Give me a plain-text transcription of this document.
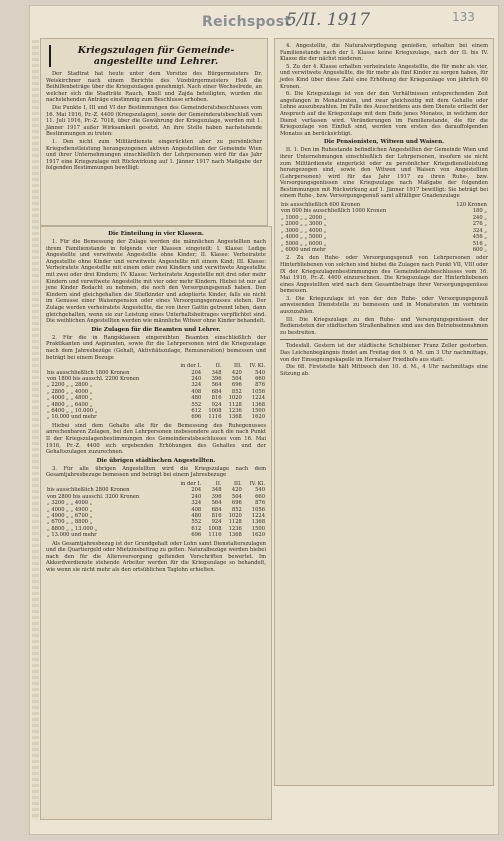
Reichspost
5/II. 1917	133
Kriegszulagen für Gemeinde-angestellte und Lehrer.

Der Stadtrat hat heute unter dem Vorsitze des Bürgermeisters Dr. Weiskirchner nach einem Berichte des Vizebürgermeisters Hoß die Beihilfenbeträge über die Kriegszulagen genehmigt. Nach einer Wechselrede, an welcher sich die Stadträte Rauch, Knoll und Zajda beteiligten, wurden die nachstehenden Anträge einstimmig zum Beschlusse erhoben.

Die Punkte I, III und VI der Bestimmungen des Gemeinderatsbeschlusses vom 16. Mai 1916, Pr.-Z. 4400 (Kriegszulagen), sowie der Gemeinderatsbeschluß vom 11. Juli 1916, Pr.-Z. 7018, über die Gewährung der Kriegszulage, werden mit 1. Jänner 1917 außer Wirksamkeit gesetzt. An ihre Stelle haben nachstehende Bestimmungen zu treten:

1. Den nicht zum Militärdienste eingerückten aber zu persönlicher Kriegsdienstleistung herangezogenen aktiven Angestellten der Gemeinde Wien und ihrer Unternehmungen einschließlich der Lehrpersonen wird für das Jahr 1917 eine Kriegszulage mit Rückwirkung auf 1. Jänner 1917 nach Maßgabe der folgenden Bestimmungen bewilligt:

Die Einteilung in vier Klassen.

1. Für die Bemessung der Zulage werden die männlichen Angestellten nach ihrem Familienstande in folgende vier Klassen eingeteilt: I. Klasse: Ledige Angestellte und verwitwete Angestellte ohne Kinder; II. Klasse: Verheiratete Angestellte ohne Kinder und verwitwete Angestellte mit einem Kind; III. Klasse: Verheiratete Angestellte mit einem oder zwei Kindern und verwitwete Angestellte mit zwei oder drei Kindern; IV. Klasse: Verheiratete Angestellte mit drei oder mehr Kindern und verwitwete Angestellte mit vier oder mehr Kindern. Hiebei ist nur auf jene Kinder Bedacht zu nehmen, die noch den Versorgungsgenuß haben. Den Kindern sind gleichgehalten die Stiefkinder und adoptierte Kinder, falls sie nicht im Genusse einer Waisenpension oder eines Versorgungsgenusses stehen. Der Zulage werden verheiratete Angestellte, die von ihrer Gattin getrennt leben, dann gleichgehalten, wenn sie zur Leistung eines Unterhaltsbeitrages verpflichtet sind. Die weiblichen Angestellten werden wie männliche Witwer ohne Kinder behandelt.

Die Zulagen für die Beamten und Lehrer.

2. Für die in Rangsklassen eingereihten Beamten einschließlich der Praktikanten und Aspiranten, sowie für die Lehrpersonen wird die Kriegszulage nach dem Jahresbezüge (Gehalt, Aktivitätszulage, Remuneration) bemessen und beträgt bei einem Bezuge

	in der I.	II.	III.	IV. Kl.
bis ausschließlich 1800 Kronen	204	348	420	540
von 1800 bis ausschl. 2200 Kronen	240	396	504	660
„ 2200 „ „ 2800 „	324	564	696	876
„ 2800 „ „ 4000 „	408	684	852	1056
„ 4000 „ „ 4800 „	480	816	1020	1224
„ 4800 „ „ 6400 „	552	924	1128	1368
„ 6400 „ „ 10.000 „	612	1008	1236	1500
„ 10.000 und mehr	696	1116	1368	1620

Hiebei sind dem Gehalte alle für die Bemessung des Ruhegenusses anrechenbaren Zulagen, bei den Lehrpersonen insbesondere auch die nach Punkt II der Kriegszulagenbestimmungen des Gemeinderatsbeschlusses vom 16. Mai 1916, Pr.-Z. 4400 sich ergebenden Erhöhungen des Gehaltes und der Gehaltszulagen zuzurechnen.

Die übrigen städtischen Angestellten.

3. Für alle übrigen Angestellten wird die Kriegszulage nach dem Gesamtjahresbezuge bemessen und beträgt bei einem Jahresbezuge

	in der I.	II.	III.	IV. Kl.
bis ausschließlich 2800 Kronen	204	348	420	540
von 2800 bis ausschl. 3200 Kronen	240	396	504	660
„ 3200 „ „ 4000 „	324	564	696	876
„ 4000 „ „ 4900 „	408	684	852	1056
„ 4900 „ „ 6700 „	480	816	1020	1224
„ 6700 „ „ 8800 „	552	924	1128	1368
„ 8800 „ „ 13.000 „	612	1008	1236	1500
„ 13.000 und mehr	696	1116	1368	1620

Als Gesamtjahresbezug ist der Grundgehalt oder Lohn samt Dienstalterszulagen und die Quartiergeld oder Mietzinsbeitrag zu gelten. Naturalbezüge werden hiebei nach den für die Altersversorgung geltenden Vorschriften bewertet. Im Akkordverdienste stehende Arbeiter werden für die Kriegszulage so behandelt, wie wenn sie nicht mehr als den ortsüblichen Taglohn erhielten.

4. Angestellte, die Naturalverpflegung genießen, erhalten bei einem Familienstande nach der I. Klasse keine Kriegszulage, nach der II. bis IV. Klasse die der nächst niederen.

5. Zu der 4. Klasse erhalten verheiratete Angestellte, die für mehr als vier, und verwitwete Angestellte, die für mehr als fünf Kinder zu sorgen haben, für jedes Kind über diese Zahl eine Erhöhung der Kriegszulage von jährlich 60 Kronen.

6. Die Kriegszulage ist von der den Verhältnissen entsprechenden Zeit angefangen in Monatsraten, und zwar gleichzeitig mit dem Gehalte oder Lohne auszubezahlen. Im Falle des Ausscheidens aus dem Dienste erlischt der Anspruch auf die Kriegszulage mit dem Ende jenes Monates, in welchem der Dienst verlassen wird. Veränderungen im Familienstande, die für die Kriegszulage von Einfluß sind, werden vom ersten des darauffolgenden Monates an berücksichtigt.

Die Pensionisten, Witwen und Waisen.

II. 1. Den im Ruhestande befindlichen Angestellten der Gemeinde Wien und ihrer Unternehmungen einschließlich der Lehrpersonen, insofern sie nicht zum Militärdienste eingerückt oder zu persönlicher Kriegsdienstleistung herangezogen sind, sowie den Witwen und Waisen von Angestellten (Lehrpersonen) wird für das Jahr 1917 zu ihren Ruhe-, bzw. Versorgungsgenüssen eine Kriegszulage nach Maßgabe der folgenden Bestimmungen mit Rückwirkung auf 1. Jänner 1917 bewilligt: Sie beträgt bei einem Ruhe-, bzw. Versorgungsgenuß samt allfälliger Gnadenzulage

bis ausschließlich 600 Kronen		120 Kronen
von 600 bis ausschließlich 1000 Kronen		180 „
„ 1000 „ „ 2000 „		240 „
„ 2000 „ „ 3000 „		276 „
„ 3000 „ „ 4000 „		324 „
„ 4000 „ „ 5000 „		456 „
„ 5000 „ „ 6000 „		516 „
„ 6000 und mehr		600 „

2. Zu den Ruhe- oder Versorgungsgenuß von Lehrpersonen oder Hinterbliebenen von solchen sind hiebei die Zulagen nach Punkt VII, VIII oder IX der Kriegszulagenbestimmungen des Gemeinderatsbeschlusses vom 16. Mai 1916, Pr.-Z. 4400 einzurechnen. Die Kriegszulage der Hinterbliebenen eines Angestellten wird nach dem Gesamtbetrage ihrer Versorgungsgenüsse bemessen.

3. Die Kriegszulage ist von der den Ruhe- oder Versorgungsgenuß anweisenden Dienststelle zu bemessen und in Monatsraten im vorhinein auszuzahlen.

III. Die Kriegszulage zu den Ruhe- und Versorgungsgenüssen der Bediensteten der städtischen Straßenbahnen sind aus den Betriebseinnahmen zu bestreiten.

Todesfall. Gestern ist der städtische Schulbiener Franz Zeller gestorben. Das Leichenbegängnis findet am Freitag den 9. d. M. um 3 Uhr nachmittags, von der Einsegnungskapelle im Hernalser Friedhofe aus statt.

Die 68. Firststelle hält Mittwoch den 10. d. M., 4 Uhr nachmittags eine Sitzung ab.
